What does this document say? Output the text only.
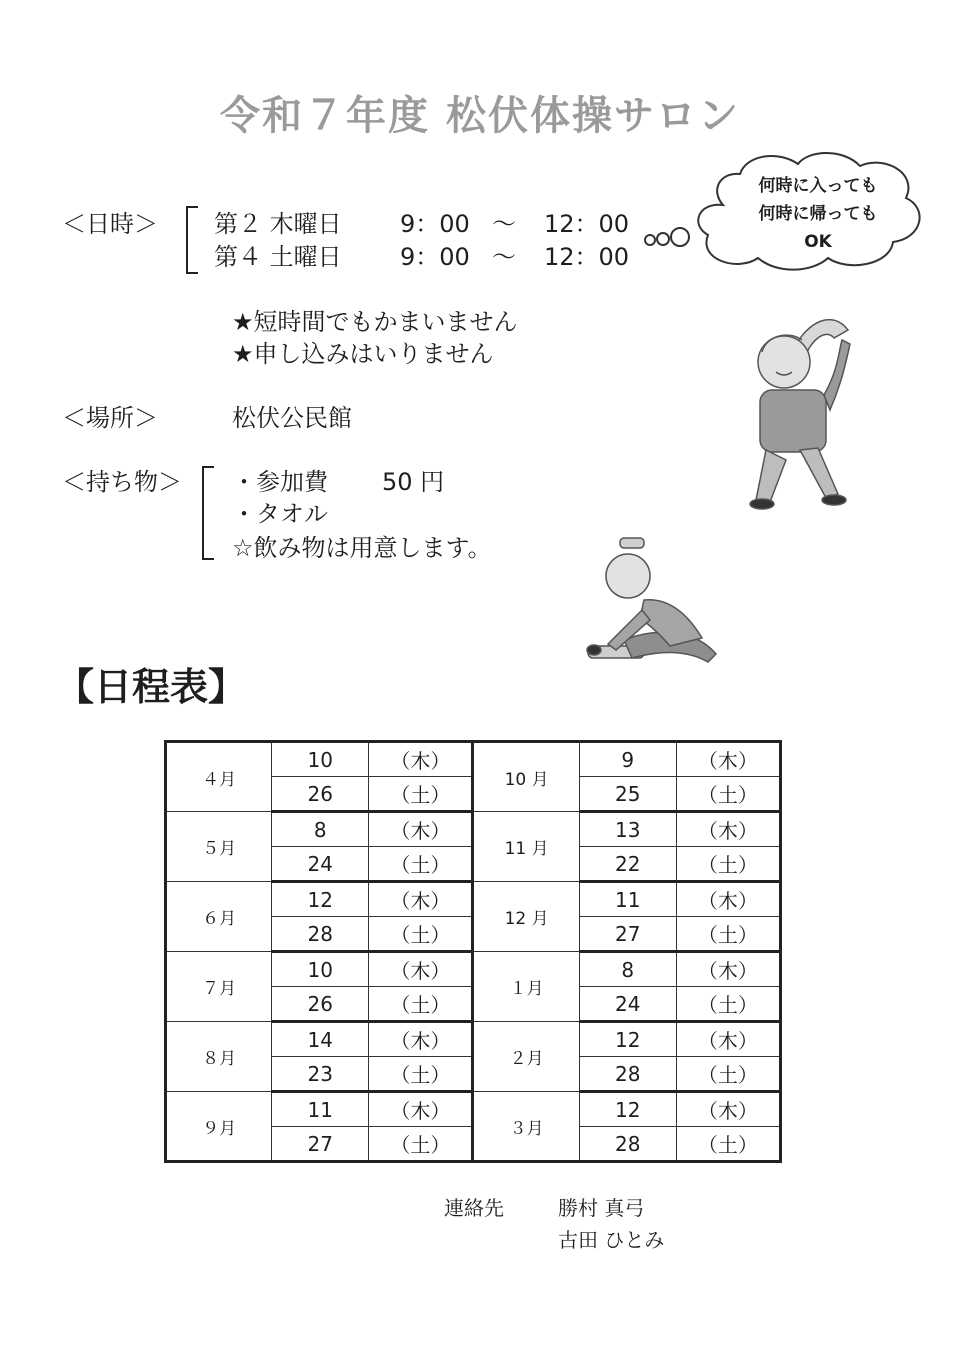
令和７年度 松伏体操サロン
＜日時＞ 第２ 木曜日 9：00 ～ 12：00
第４ 土曜日 9：00 ～ 12：00
何時に入っても
何時に帰っても
OK
★短時間でもかまいません
★申し込みはいりません
＜場所＞	松伏公民館
＜持ち物＞ ・参加費 50 円
・タオル
☆飲み物は用意します。
【日程表】
４月	10	（木）	10 月	9	（木）
	26	（土）		25	（土）
５月	8	（木）	11 月	13	（木）
	24	（土）		22	（土）
６月	12	（木）	12 月	11	（木）
	28	（土）		27	（土）
７月	10	（木）	１月	8	（木）
	26	（土）		24	（土）
８月	14	（木）	２月	12	（木）
	23	（土）		28	（土）
９月	11	（木）	３月	12	（木）
	27	（土）		28	（土）
連絡先	勝村 真弓
古田 ひとみ
